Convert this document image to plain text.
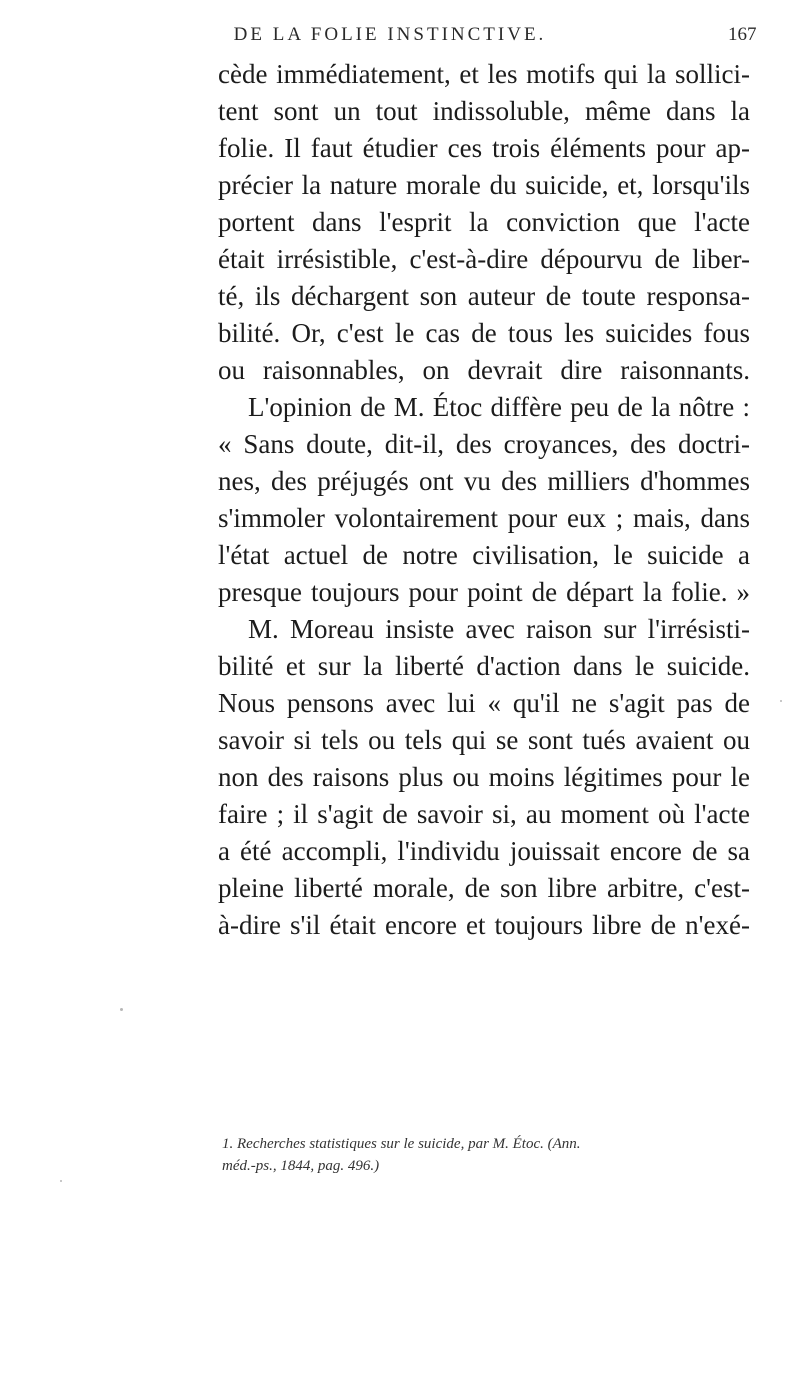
DE LA FOLIE INSTINCTIVE.	167
cède immédiatement, et les motifs qui la sollici-
tent sont un tout indissoluble, même dans la
folie. Il faut étudier ces trois éléments pour ap-
précier la nature morale du suicide, et, lorsqu'ils
portent dans l'esprit la conviction que l'acte
était irrésistible, c'est-à-dire dépourvu de liber-
té, ils déchargent son auteur de toute responsa-
bilité. Or, c'est le cas de tous les suicides fous
ou raisonnables, on devrait dire raisonnants.
L'opinion de M. Étoc diffère peu de la nôtre :
« Sans doute, dit-il, des croyances, des doctri-
nes, des préjugés ont vu des milliers d'hommes
s'immoler volontairement pour eux ; mais, dans
l'état actuel de notre civilisation, le suicide a
presque toujours pour point de départ la folie. »
M. Moreau insiste avec raison sur l'irrésisti-
bilité et sur la liberté d'action dans le suicide.
Nous pensons avec lui « qu'il ne s'agit pas de
savoir si tels ou tels qui se sont tués avaient ou
non des raisons plus ou moins légitimes pour le
faire ; il s'agit de savoir si, au moment où l'acte
a été accompli, l'individu jouissait encore de sa
pleine liberté morale, de son libre arbitre, c'est-
à-dire s'il était encore et toujours libre de n'exé-
1. Recherches statistiques sur le suicide, par M. Étoc. (Ann.
méd.-ps., 1844, pag. 496.)
